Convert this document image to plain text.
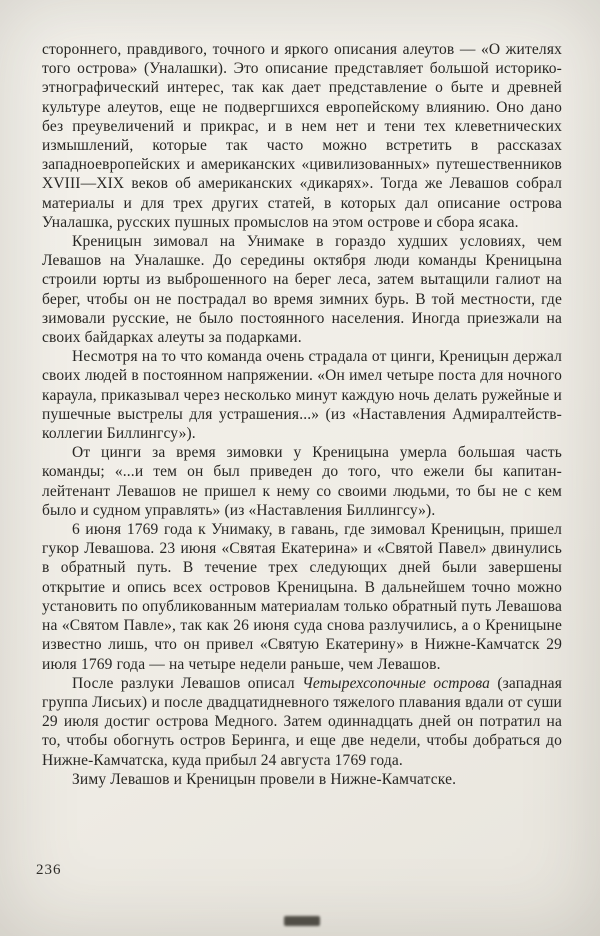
стороннего, правдивого, точного и яркого описания алеутов — «О жителях того острова» (Уналашки). Это описание представляет большой историко-этнографический интерес, так как дает представление о быте и древней культуре алеутов, еще не подвергшихся европейскому влиянию. Оно дано без преувеличений и прикрас, и в нем нет и тени тех клеветнических измышлений, которые так часто можно встретить в рассказах западноевропейских и американских «цивилизованных» путешественников XVIII—XIX веков об американских «дикарях». Тогда же Левашов собрал материалы и для трех других статей, в которых дал описание острова Уналашка, русских пушных промыслов на этом острове и сбора ясака.

Креницын зимовал на Унимаке в гораздо худших условиях, чем Левашов на Уналашке. До середины октября люди команды Креницына строили юрты из выброшенного на берег леса, затем вытащили галиот на берег, чтобы он не пострадал во время зимних бурь. В той местности, где зимовали русские, не было постоянного населения. Иногда приезжали на своих байдарках алеуты за подарками.

Несмотря на то что команда очень страдала от цинги, Креницын держал своих людей в постоянном напряжении. «Он имел четыре поста для ночного караула, приказывал через несколько минут каждую ночь делать ружейные и пушечные выстрелы для устрашения...» (из «Наставления Адмиралтейств-коллегии Биллингсу»).

От цинги за время зимовки у Креницына умерла большая часть команды; «...и тем он был приведен до того, что ежели бы капитан-лейтенант Левашов не пришел к нему со своими людьми, то бы не с кем было и судном управлять» (из «Наставления Биллингсу»).

6 июня 1769 года к Унимаку, в гавань, где зимовал Креницын, пришел гукор Левашова. 23 июня «Святая Екатерина» и «Святой Павел» двинулись в обратный путь. В течение трех следующих дней были завершены открытие и опись всех островов Креницына. В дальнейшем точно можно установить по опубликованным материалам только обратный путь Левашова на «Святом Павле», так как 26 июня суда снова разлучились, а о Креницыне известно лишь, что он привел «Святую Екатерину» в Нижне-Камчатск 29 июля 1769 года — на четыре недели раньше, чем Левашов.

После разлуки Левашов описал Четырехсопочные острова (западная группа Лисьих) и после двадцатидневного тяжелого плавания вдали от суши 29 июля достиг острова Медного. Затем одиннадцать дней он потратил на то, чтобы обогнуть остров Беринга, и еще две недели, чтобы добраться до Нижне-Камчатска, куда прибыл 24 августа 1769 года.

Зиму Левашов и Креницын провели в Нижне-Камчатске.

236
